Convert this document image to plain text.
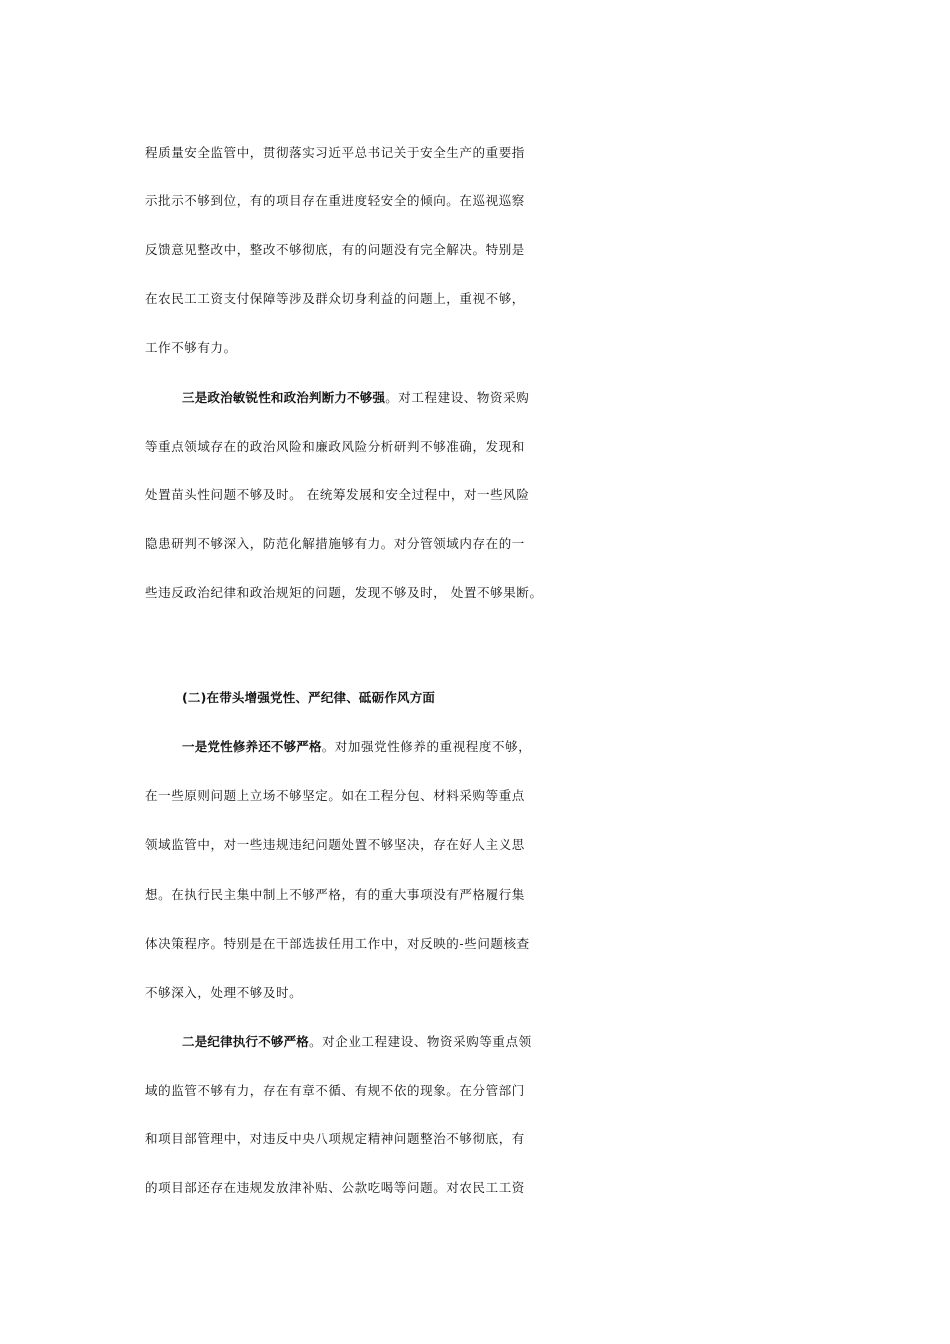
程质量安全监管中，贯彻落实习近平总书记关于安全生产的重要指
示批示不够到位，有的项目存在重进度轻安全的倾向。在巡视巡察
反馈意见整改中，整改不够彻底，有的问题没有完全解决。特别是
在农民工工资支付保障等涉及群众切身利益的问题上，重视不够，
工作不够有力。
三是政治敏锐性和政治判断力不够强。对工程建设、物资采购
等重点领域存在的政治风险和廉政风险分析研判不够准确，发现和
处置苗头性问题不够及时。 在统筹发展和安全过程中，对一些风险
隐患研判不够深入，防范化解措施够有力。对分管领域内存在的一
些违反政治纪律和政治规矩的问题，发现不够及时， 处置不够果断。
(二)在带头增强党性、严纪律、砥砺作风方面
一是党性修养还不够严格。对加强党性修养的重视程度不够，
在一些原则问题上立场不够坚定。如在工程分包、材料采购等重点
领域监管中，对一些违规违纪问题处置不够坚决，存在好人主义思
想。在执行民主集中制上不够严格，有的重大事项没有严格履行集
体决策程序。特别是在干部选拔任用工作中，对反映的-些问题核查
不够深入，处理不够及时。
二是纪律执行不够严格。对企业工程建设、物资采购等重点领
域的监管不够有力，存在有章不循、有规不依的现象。在分管部门
和项目部管理中，对违反中央八项规定精神问题整治不够彻底，有
的项目部还存在违规发放津补贴、公款吃喝等问题。对农民工工资
